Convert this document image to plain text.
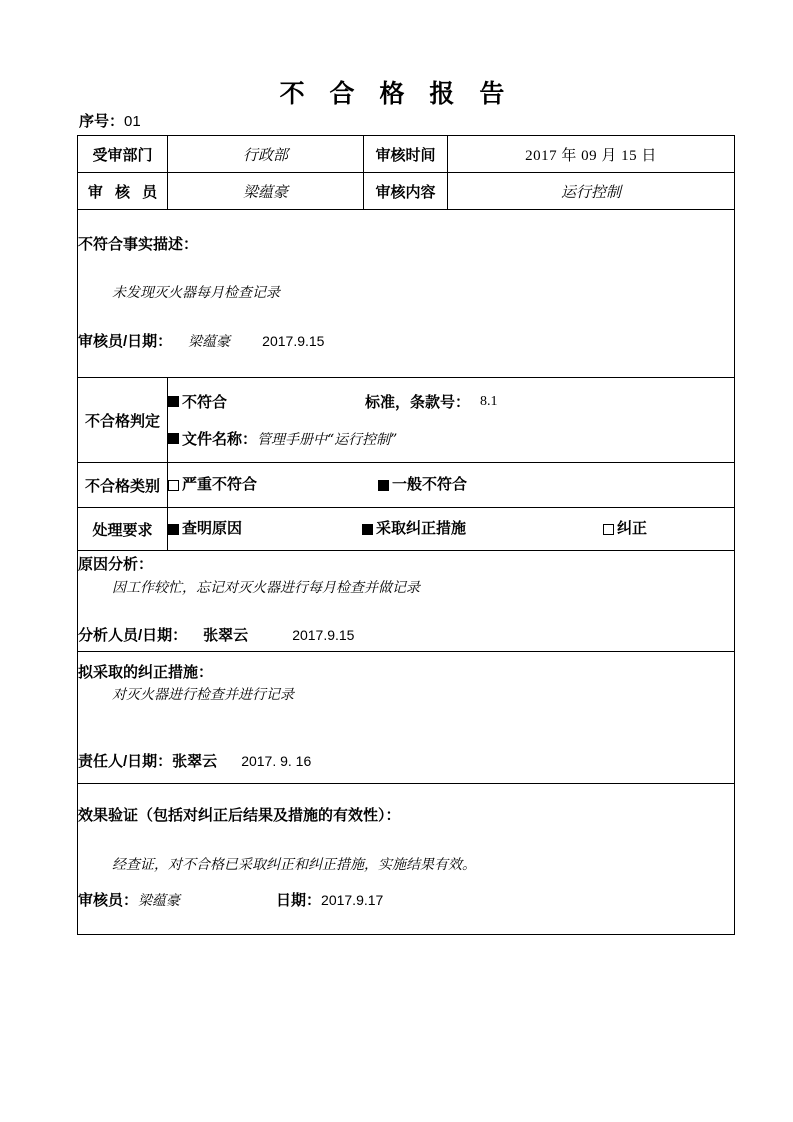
不 合 格 报 告
序号：01
受审部门	行政部	审核时间	2017 年 09 月 15 日
审 核 员	梁蕴豪	审核内容	运行控制

不符合事实描述：
未发现灭火器每月检查记录
审核员/日期： 梁蕴豪 2017.9.15			

不合格判定	不符合 标准，条款号： 8.1
文件名称： 管理手册中“运行控制”		

不合格类别	严重不符合 一般不符合		

处理要求	查明原因 采取纠正措施 纠正		

原因分析：
因工作较忙，忘记对灭火器进行每月检查并做记录
分析人员/日期： 张翠云 2017.9.15			

拟采取的纠正措施：
对灭火器进行检查并进行记录
责任人/日期：张翠云 2017. 9. 16			

效果验证（包括对纠正后结果及措施的有效性）：
经查证，对不合格已采取纠正和纠正措施，实施结果有效。
审核员：梁蕴豪 日期：2017.9.17			
